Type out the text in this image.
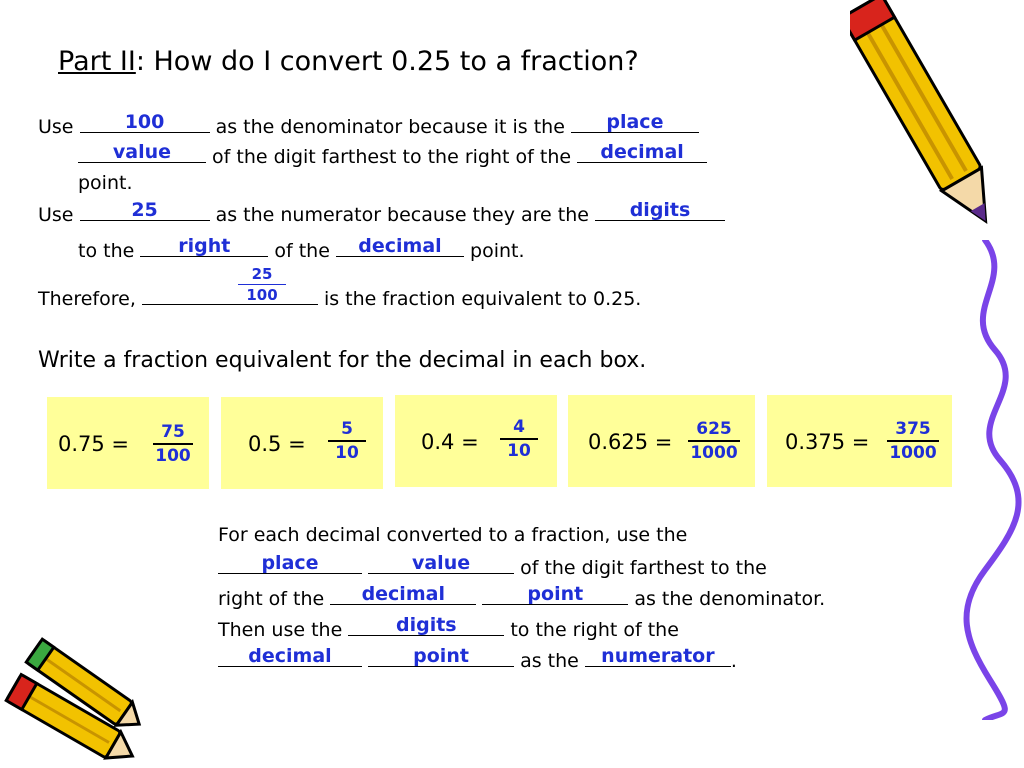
Part II: How do I convert 0.25 to a fraction?
Use	100	as the denominator because it is the	place
value	of the digit farthest to the right of the	decimal
point.
Use	25	as the numerator because they are the	digits
to the	right	of the	decimal	point.
Therefore,	is the fraction equivalent to 0.25.
25
100
Write a fraction equivalent for the decimal in each box.
0.75 =	75
100	0.5 =
5
10	0.4 =
4
10	0.625 =
625
1000 0.375 =
375
1000
For each decimal converted to a fraction, use the
place
	value	of the digit farthest to the
right of the	decimal
	point	as the denominator.
Then use the	digits	to the right of the
decimal
	point	as the numerator .
